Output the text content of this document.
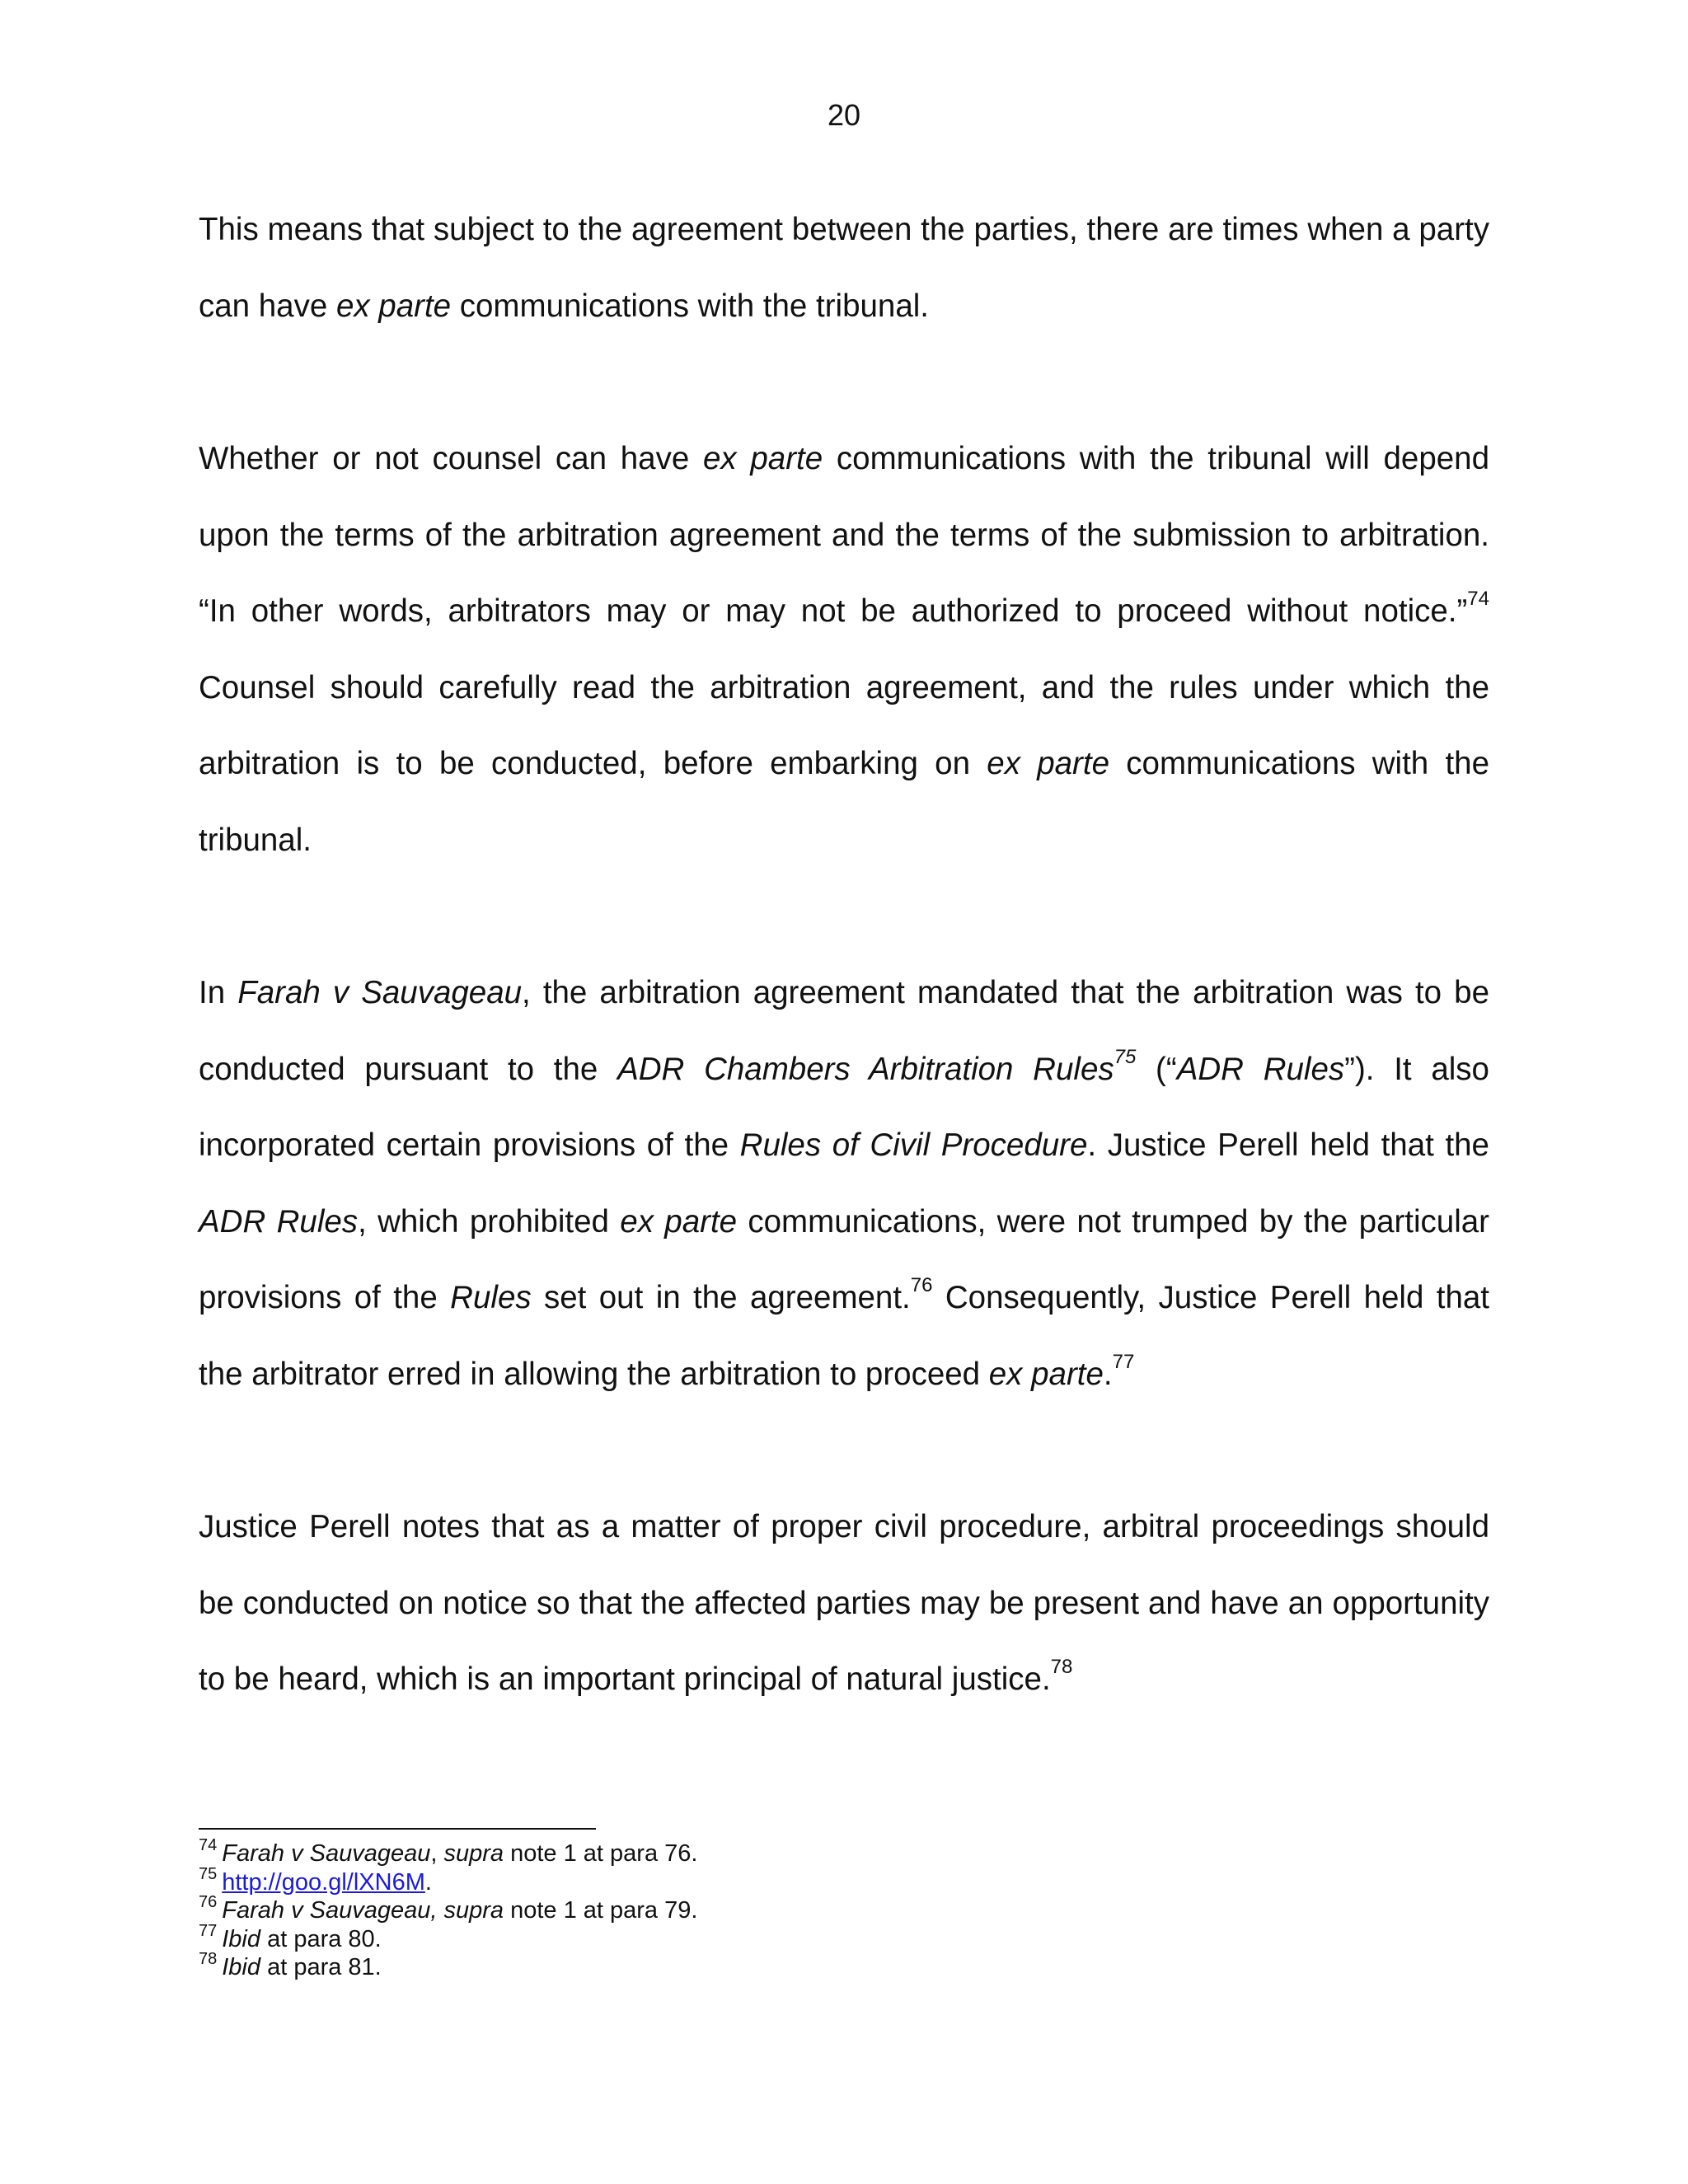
20

This means that subject to the agreement between the parties, there are times when a party can have ex parte communications with the tribunal.

Whether or not counsel can have ex parte communications with the tribunal will depend upon the terms of the arbitration agreement and the terms of the submission to arbitration. “In other words, arbitrators may or may not be authorized to proceed without notice.”$^{74}$ Counsel should carefully read the arbitration agreement, and the rules under which the arbitration is to be conducted, before embarking on ex parte communications with the tribunal.

In Farah v Sauvageau, the arbitration agreement mandated that the arbitration was to be conducted pursuant to the ADR Chambers Arbitration Rules$^{75}$ (“ADR Rules”). It also incorporated certain provisions of the Rules of Civil Procedure. Justice Perell held that the ADR Rules, which prohibited ex parte communications, were not trumped by the particular provisions of the Rules set out in the agreement.$^{76}$ Consequently, Justice Perell held that the arbitrator erred in allowing the arbitration to proceed ex parte.$^{77}$

Justice Perell notes that as a matter of proper civil procedure, arbitral proceedings should be conducted on notice so that the affected parties may be present and have an opportunity to be heard, which is an important principal of natural justice.$^{78}$

$^{74}$ Farah v Sauvageau, supra note 1 at para 76.
$^{75}$ http://goo.gl/lXN6M.
$^{76}$ Farah v Sauvageau, supra note 1 at para 79.
$^{77}$ Ibid at para 80.
$^{78}$ Ibid at para 81.
